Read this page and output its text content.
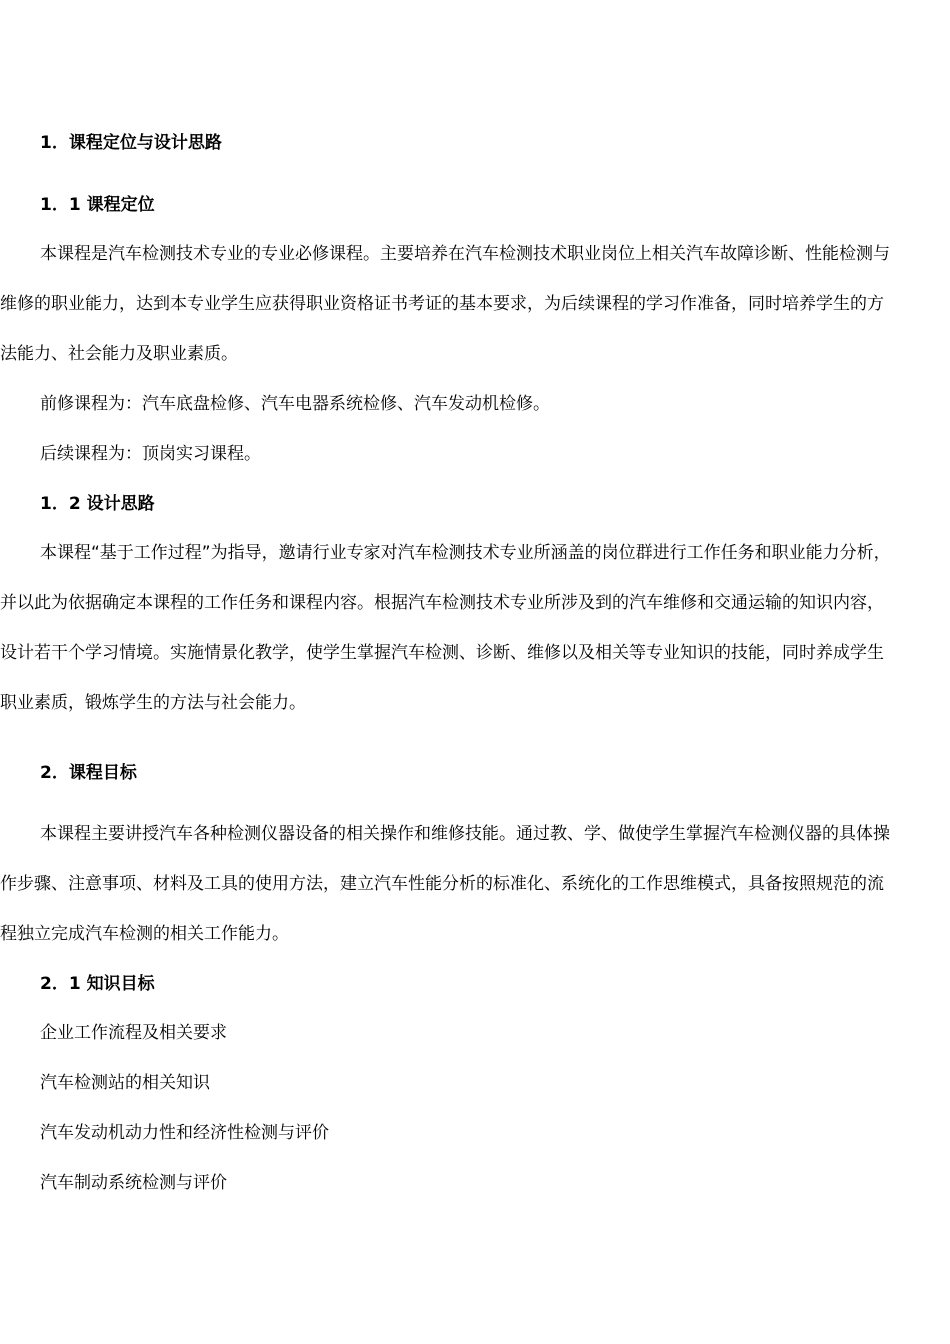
1．课程定位与设计思路
1．1 课程定位
本课程是汽车检测技术专业的专业必修课程。主要培养在汽车检测技术职业岗位上相关汽车故障诊断、性能检测与
维修的职业能力，达到本专业学生应获得职业资格证书考证的基本要求，为后续课程的学习作准备，同时培养学生的方
法能力、社会能力及职业素质。
前修课程为：汽车底盘检修、汽车电器系统检修、汽车发动机检修。
后续课程为：顶岗实习课程。
1．2 设计思路
本课程“基于工作过程”为指导，邀请行业专家对汽车检测技术专业所涵盖的岗位群进行工作任务和职业能力分析，
并以此为依据确定本课程的工作任务和课程内容。根据汽车检测技术专业所涉及到的汽车维修和交通运输的知识内容，
设计若干个学习情境。实施情景化教学，使学生掌握汽车检测、诊断、维修以及相关等专业知识的技能，同时养成学生
职业素质，锻炼学生的方法与社会能力。
2．课程目标
本课程主要讲授汽车各种检测仪器设备的相关操作和维修技能。通过教、学、做使学生掌握汽车检测仪器的具体操
作步骤、注意事项、材料及工具的使用方法，建立汽车性能分析的标准化、系统化的工作思维模式，具备按照规范的流
程独立完成汽车检测的相关工作能力。
2．1 知识目标
企业工作流程及相关要求
汽车检测站的相关知识
汽车发动机动力性和经济性检测与评价
汽车制动系统检测与评价
